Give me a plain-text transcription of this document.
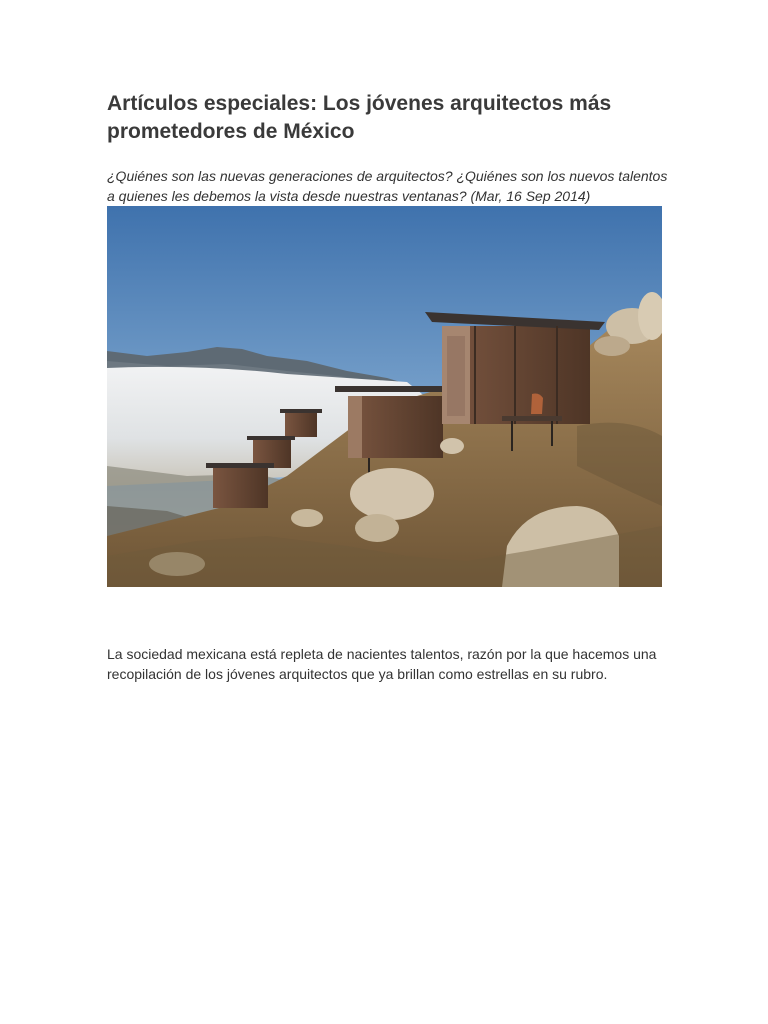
Artículos especiales: Los jóvenes arquitectos más prometedores de México

¿Quiénes son las nuevas generaciones de arquitectos? ¿Quiénes son los nuevos talentos a quienes les debemos la vista desde nuestras ventanas? (Mar, 16 Sep 2014)

La sociedad mexicana está repleta de nacientes talentos, razón por la que hacemos una recopilación de los jóvenes arquitectos que ya brillan como estrellas en su rubro.
